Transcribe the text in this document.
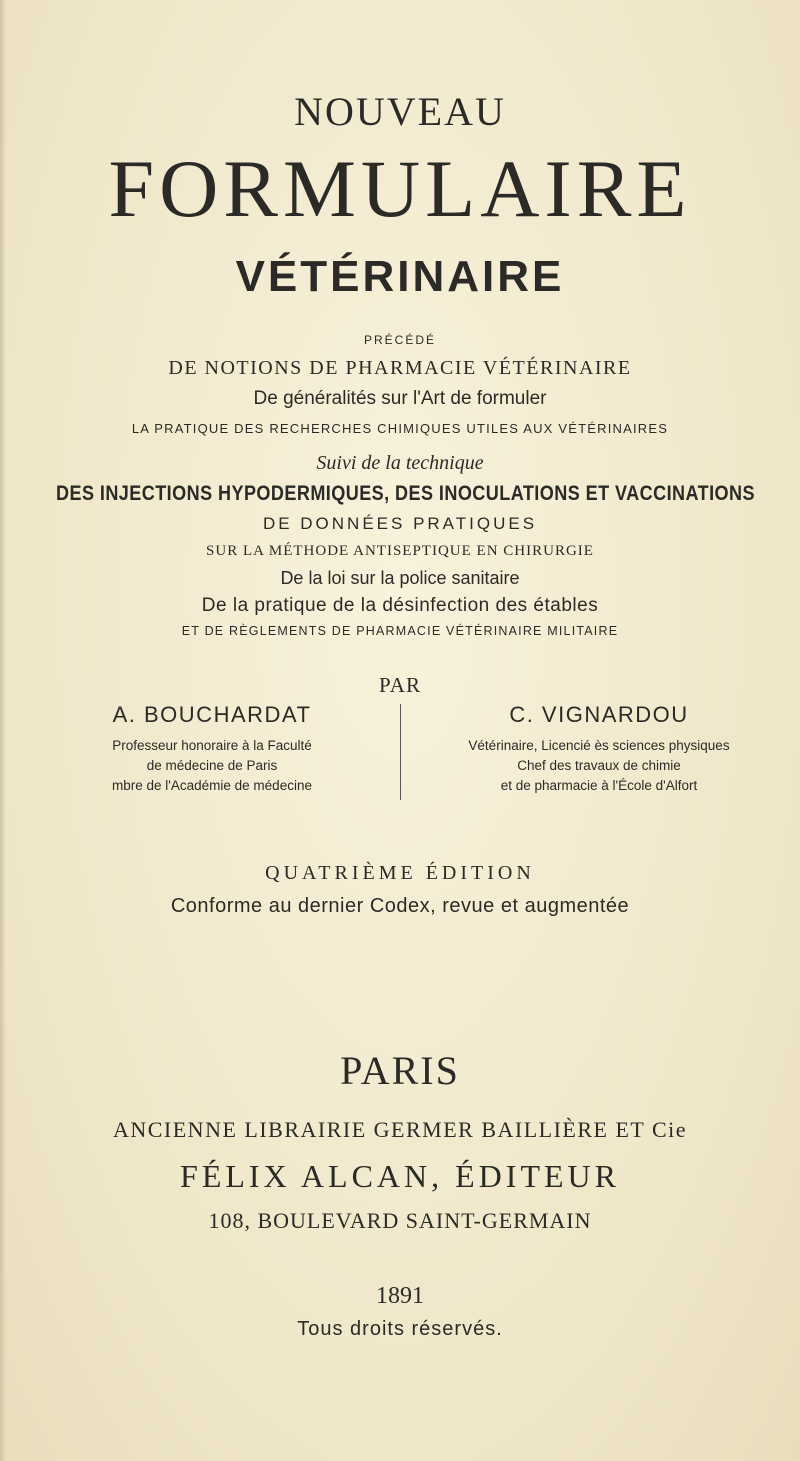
NOUVEAU
FORMULAIRE
VÉTÉRINAIRE
PRÉCÉDÉ
DE NOTIONS DE PHARMACIE VÉTÉRINAIRE
De généralités sur l'Art de formuler
LA PRATIQUE DES RECHERCHES CHIMIQUES UTILES AUX VÉTÉRINAIRES
Suivi de la technique
DES INJECTIONS HYPODERMIQUES, DES INOCULATIONS ET VACCINATIONS
DE DONNÉES PRATIQUES
SUR LA MÉTHODE ANTISEPTIQUE EN CHIRURGIE
De la loi sur la police sanitaire
De la pratique de la désinfection des étables
ET DE RÈGLEMENTS DE PHARMACIE VÉTÉRINAIRE MILITAIRE
PAR
A. BOUCHARDAT
Professeur honoraire à la Faculté
de médecine de Paris
mbre de l'Académie de médecine
C. VIGNARDOU
Vétérinaire, Licencié ès sciences physiques
Chef des travaux de chimie
et de pharmacie à l'École d'Alfort
QUATRIÈME ÉDITION
Conforme au dernier Codex, revue et augmentée
PARIS
ANCIENNE LIBRAIRIE GERMER BAILLIÈRE ET Cie
FÉLIX ALCAN, ÉDITEUR
108, BOULEVARD SAINT-GERMAIN
1891
Tous droits réservés.
